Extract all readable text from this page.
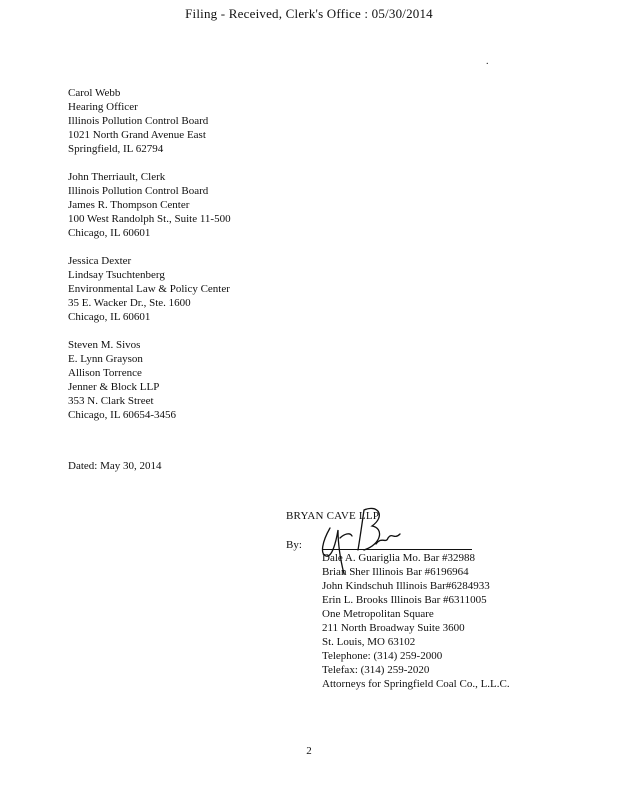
Filing - Received, Clerk's Office : 05/30/2014
.
Carol Webb
Hearing Officer
Illinois Pollution Control Board
1021 North Grand Avenue East
Springfield, IL 62794
John Therriault, Clerk
Illinois Pollution Control Board
James R. Thompson Center
100 West Randolph St., Suite 11-500
Chicago, IL 60601
Jessica Dexter
Lindsay Tsuchtenberg
Environmental Law & Policy Center
35 E. Wacker Dr., Ste. 1600
Chicago, IL 60601
Steven M. Sivos
E. Lynn Grayson
Allison Torrence
Jenner & Block LLP
353 N. Clark Street
Chicago, IL 60654-3456
Dated: May 30, 2014
BRYAN CAVE LLP
By:
Dale A. Guariglia Mo. Bar #32988
Brian Sher Illinois Bar #6196964
John Kindschuh Illinois Bar#6284933
Erin L. Brooks Illinois Bar #6311005
One Metropolitan Square
211 North Broadway Suite 3600
St. Louis, MO 63102
Telephone: (314) 259-2000
Telefax: (314) 259-2020
Attorneys for Springfield Coal Co., L.L.C.
2
